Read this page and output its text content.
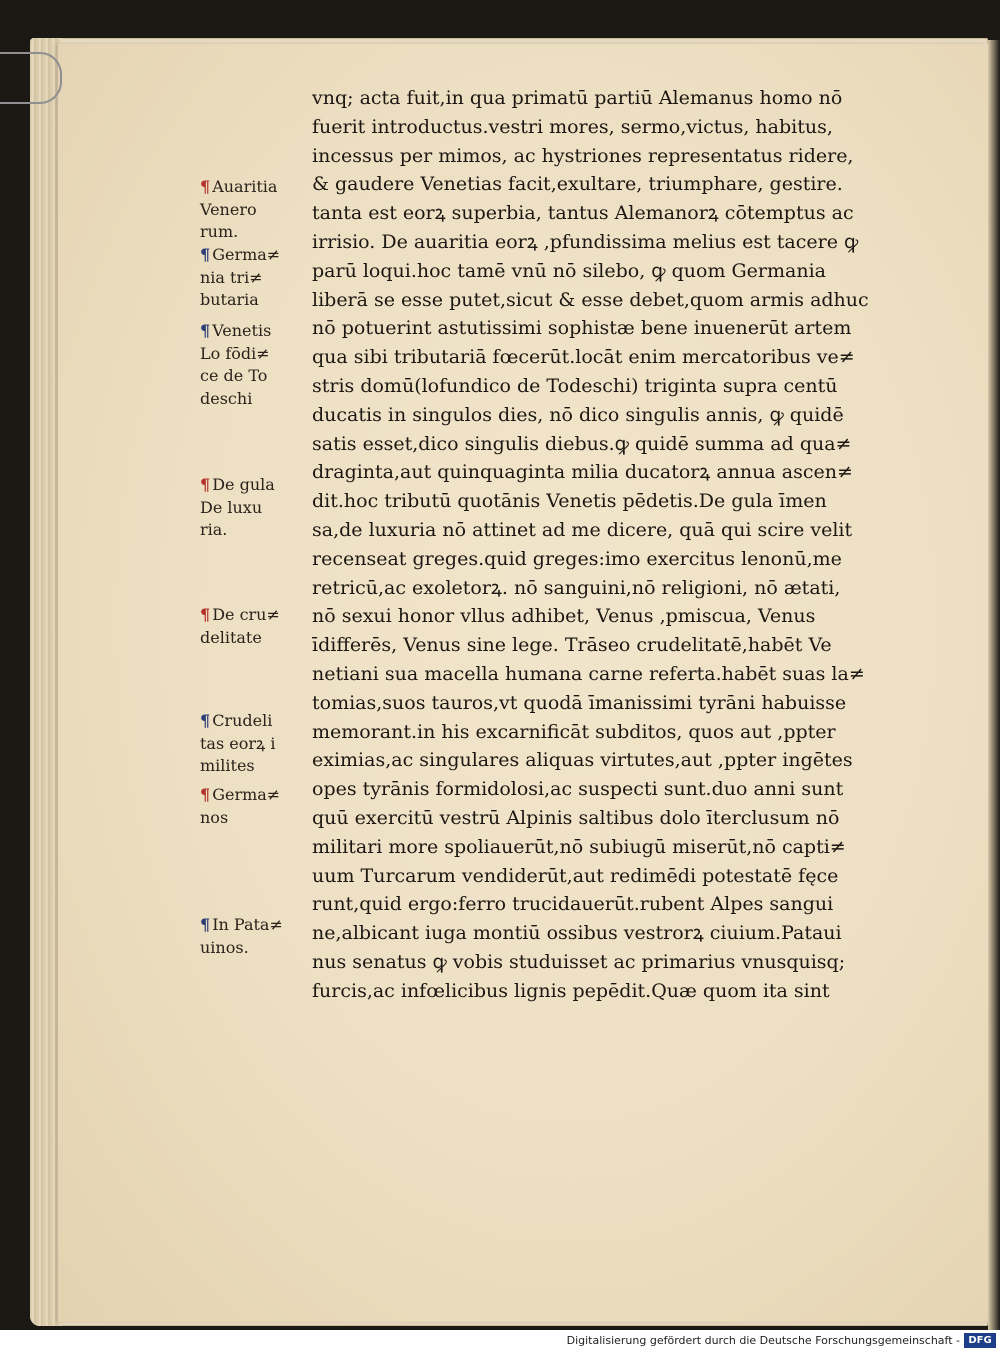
vnq; acta fuit,in qua primatū partiū Alemanus homo nō
fuerit introductus.vestri mores, sermo,victus, habitus,
incessus per mimos, ac hystriones representatus ridere,
& gaudere Venetias facit,exultare, triumphare, gestire.
tanta est eorꝝ superbia, tantus Alemanorꝝ cōtemptus ac
irrisio. De auaritia eorꝝ ,pfundissima melius est tacere ꝙ
parū loqui.hoc tamē vnū nō silebo, ꝙ quom Germania
liberā se esse putet,sicut & esse debet,quom armis adhuc
nō potuerint astutissimi sophistæ bene inuenerūt artem
qua sibi tributariā fœcerūt.locāt enim mercatoribus ve≠
stris domū(lofundico de Todeschi) triginta supra centū
ducatis in singulos dies, nō dico singulis annis, ꝙ quidē
satis esset,dico singulis diebus.ꝙ quidē summa ad qua≠
draginta,aut quinquaginta milia ducatorꝝ annua ascen≠
dit.hoc tributū quotānis Venetis pēdetis.De gula īmen
sa,de luxuria nō attinet ad me dicere, quā qui scire velit
recenseat greges.quid greges:imo exercitus lenonū,me
retricū,ac exoletorꝝ. nō sanguini,nō religioni, nō ætati,
nō sexui honor vllus adhibet, Venus ,pmiscua, Venus
īdifferēs, Venus sine lege. Trāseo crudelitatē,habēt Ve
netiani sua macella humana carne referta.habēt suas la≠
tomias,suos tauros,vt quodā īmanissimi tyrāni habuisse
memorant.in his excarnificāt subditos, quos aut ,ppter
eximias,ac singulares aliquas virtutes,aut ,ppter ingētes
opes tyrānis formidolosi,ac suspecti sunt.duo anni sunt
quū exercitū vestrū Alpinis saltibus dolo īterclusum nō
militari more spoliauerūt,nō subiugū miserūt,nō capti≠
uum Turcarum vendiderūt,aut redimēdi potestatē fęce
runt,quid ergo:ferro trucidauerūt.rubent Alpes sangui
ne,albicant iuga montiū ossibus vestrorꝝ ciuium.Pataui
nus senatus ꝙ vobis studuisset ac primarius vnusquisq;
furcis,ac infœlicibus lignis pepēdit.Quæ quom ita sint
¶ Auaritia
Venero
rum.
¶ Germa≠
nia tri≠
butaria
¶ Venetis
Lo fōdi≠
ce de To
deschi
¶ De gula
De luxu
ria.
¶ De cru≠
delitate
¶ Crudeli
tas eorꝝ i
milites
¶ Germa≠
nos
¶ In Pata≠
uinos.
Digitalisierung gefördert durch die Deutsche Forschungsgemeinschaft - DFG
